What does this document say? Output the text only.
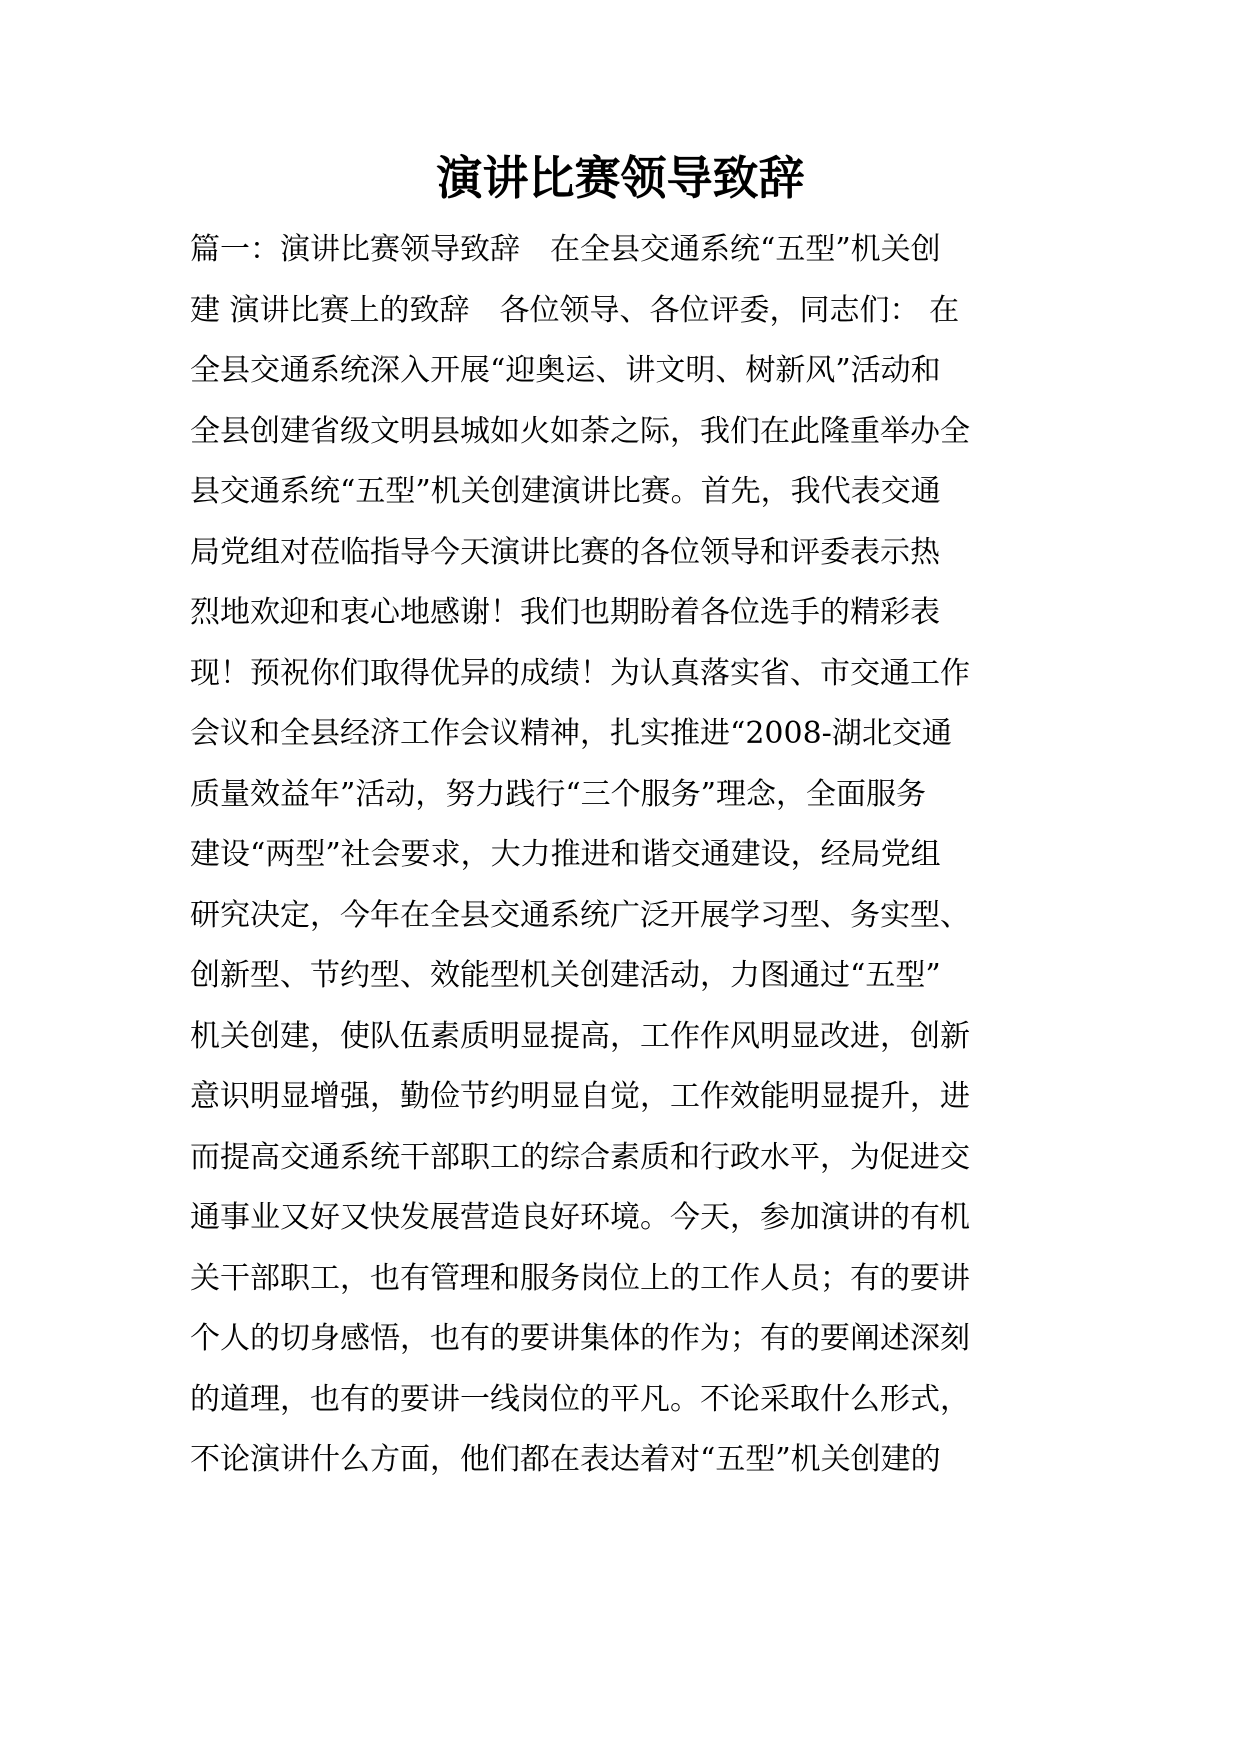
演讲比赛领导致辞
篇一：演讲比赛领导致辞　在全县交通系统“五型”机关创
建 演讲比赛上的致辞　各位领导、各位评委，同志们： 在
全县交通系统深入开展“迎奥运、讲文明、树新风”活动和
全县创建省级文明县城如火如荼之际，我们在此隆重举办全
县交通系统“五型”机关创建演讲比赛。首先，我代表交通
局党组对莅临指导今天演讲比赛的各位领导和评委表示热
烈地欢迎和衷心地感谢！我们也期盼着各位选手的精彩表
现！预祝你们取得优异的成绩！为认真落实省、市交通工作
会议和全县经济工作会议精神，扎实推进“2008-湖北交通
质量效益年”活动，努力践行“三个服务”理念，全面服务
建设“两型”社会要求，大力推进和谐交通建设，经局党组
研究决定，今年在全县交通系统广泛开展学习型、务实型、
创新型、节约型、效能型机关创建活动，力图通过“五型”
机关创建，使队伍素质明显提高，工作作风明显改进，创新
意识明显增强，勤俭节约明显自觉，工作效能明显提升，进
而提高交通系统干部职工的综合素质和行政水平，为促进交
通事业又好又快发展营造良好环境。今天，参加演讲的有机
关干部职工，也有管理和服务岗位上的工作人员；有的要讲
个人的切身感悟，也有的要讲集体的作为；有的要阐述深刻
的道理，也有的要讲一线岗位的平凡。不论采取什么形式，
不论演讲什么方面，他们都在表达着对“五型”机关创建的
